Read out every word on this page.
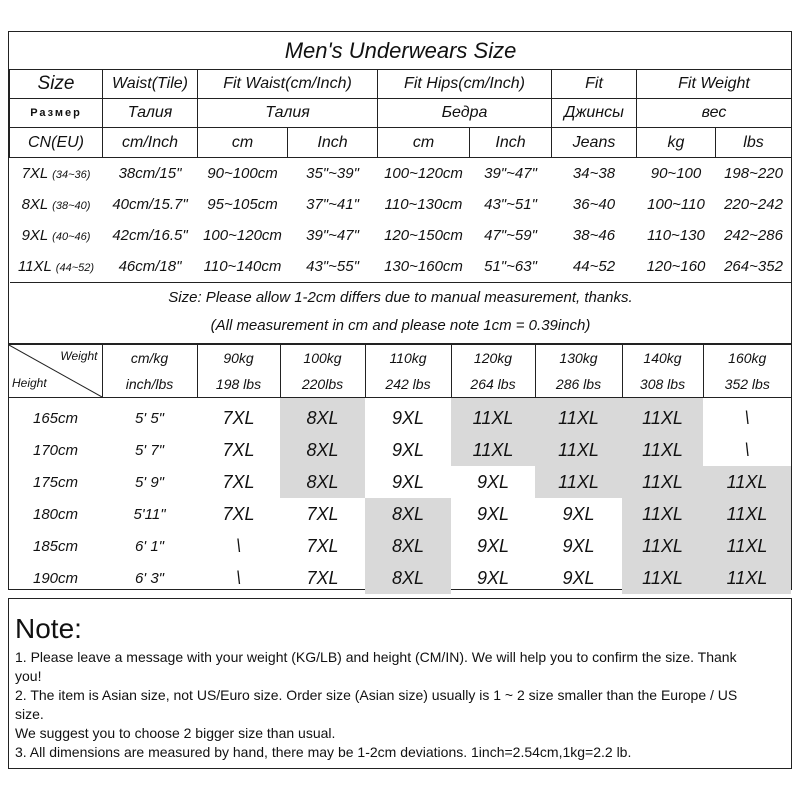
Men's Underwears Size								
Size	Waist(Tile)	Fit Waist(cm/Inch)		Fit Hips(cm/Inch)		Fit	Fit Weight	
Размер	Талия	Талия		Бедра		Джинсы	вес	
CN(EU)	cm/Inch	cm	Inch	cm	Inch	Jeans	kg	lbs
7XL (34~36)	38cm/15"	90~100cm	35"~39"	100~120cm	39"~47"	34~38	90~100	198~220
8XL (38~40)	40cm/15.7"	95~105cm	37"~41"	110~130cm	43"~51"	36~40	100~110	220~242
9XL (40~46)	42cm/16.5"	100~120cm	39"~47"	120~150cm	47"~59"	38~46	110~130	242~286
11XL (44~52)	46cm/18"	110~140cm	43"~55"	130~160cm	51"~63"	44~52	120~160	264~352
Size: Please allow 1-2cm differs due to manual measurement, thanks.								
(All measurement in cm and please note 1cm = 0.39inch)								
Weight
Height	cm/kg	90kg	100kg	110kg	120kg	130kg	140kg	160kg
	inch/lbs	198 lbs	220lbs	242 lbs	264 lbs	286 lbs	308 lbs	352 lbs
165cm	5' 5"	7XL	8XL	9XL	11XL	11XL	11XL	\
170cm	5' 7"	7XL	8XL	9XL	11XL	11XL	11XL	\
175cm	5' 9"	7XL	8XL	9XL	9XL	11XL	11XL	11XL
180cm	5'11"	7XL	7XL	8XL	9XL	9XL	11XL	11XL
185cm	6' 1"	\	7XL	8XL	9XL	9XL	11XL	11XL
190cm	6' 3"	\	7XL	8XL	9XL	9XL	11XL	11XL
Note:
1. Please leave a message with your weight (KG/LB) and height (CM/IN). We will help you to confirm the size. Thank
you!
2. The item is Asian size, not US/Euro size. Order size (Asian size) usually is 1 ~ 2 size smaller than the Europe / US
size.
We suggest you to choose 2 bigger size than usual.
3. All dimensions are measured by hand, there may be 1-2cm deviations. 1inch=2.54cm,1kg=2.2 lb.
